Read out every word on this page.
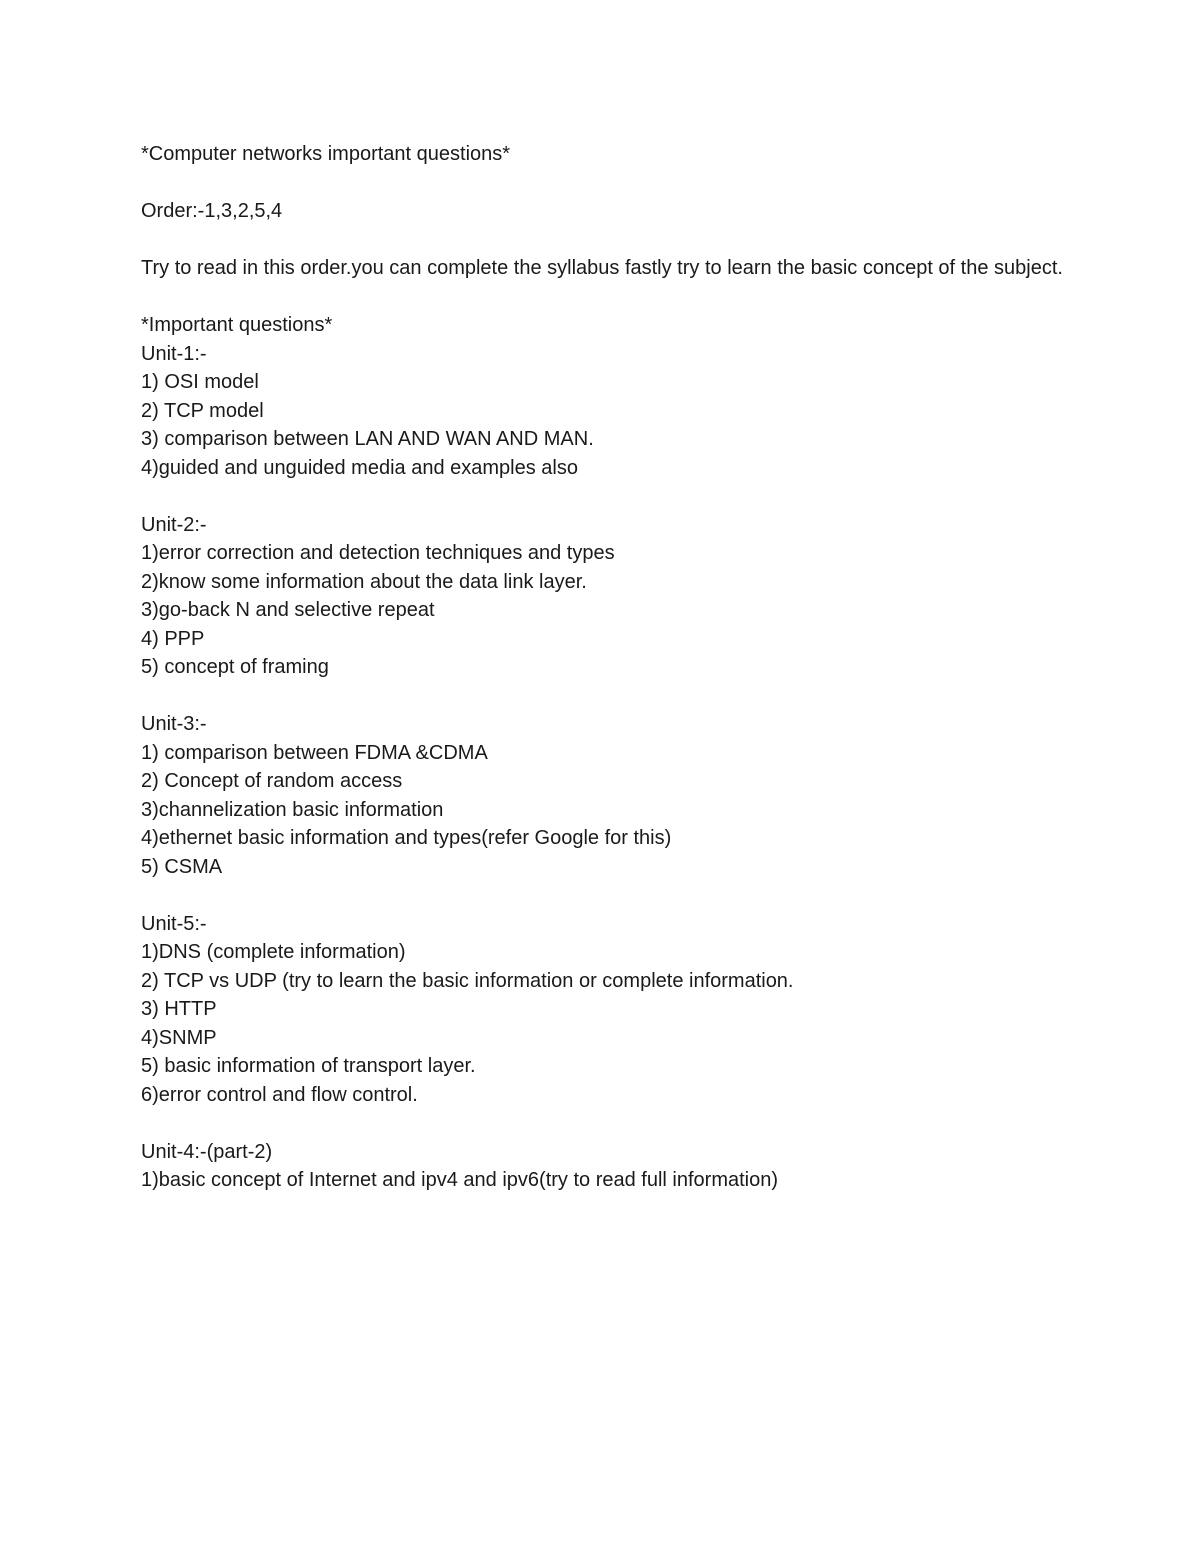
*Computer networks important questions*

Order:-1,3,2,5,4

Try to read in this order.you can complete the syllabus fastly try to learn the basic concept of the subject.

*Important questions*

Unit-1:-

1) OSI model

2) TCP model

3) comparison between LAN AND WAN AND MAN.

4)guided and unguided media and examples also

Unit-2:-

1)error correction and detection techniques and types

2)know some information about the data link layer.

3)go-back N and selective repeat

4) PPP

5) concept of framing

Unit-3:-

1) comparison between FDMA &CDMA

2) Concept of random access

3)channelization basic information

4)ethernet basic information and types(refer Google for this)

5) CSMA

Unit-5:-

1)DNS (complete information)

2) TCP vs UDP (try to learn the basic information or complete information.

3) HTTP

4)SNMP

5) basic information of transport layer.

6)error control and flow control.

Unit-4:-(part-2)

1)basic concept of Internet and ipv4 and ipv6(try to read full information)
